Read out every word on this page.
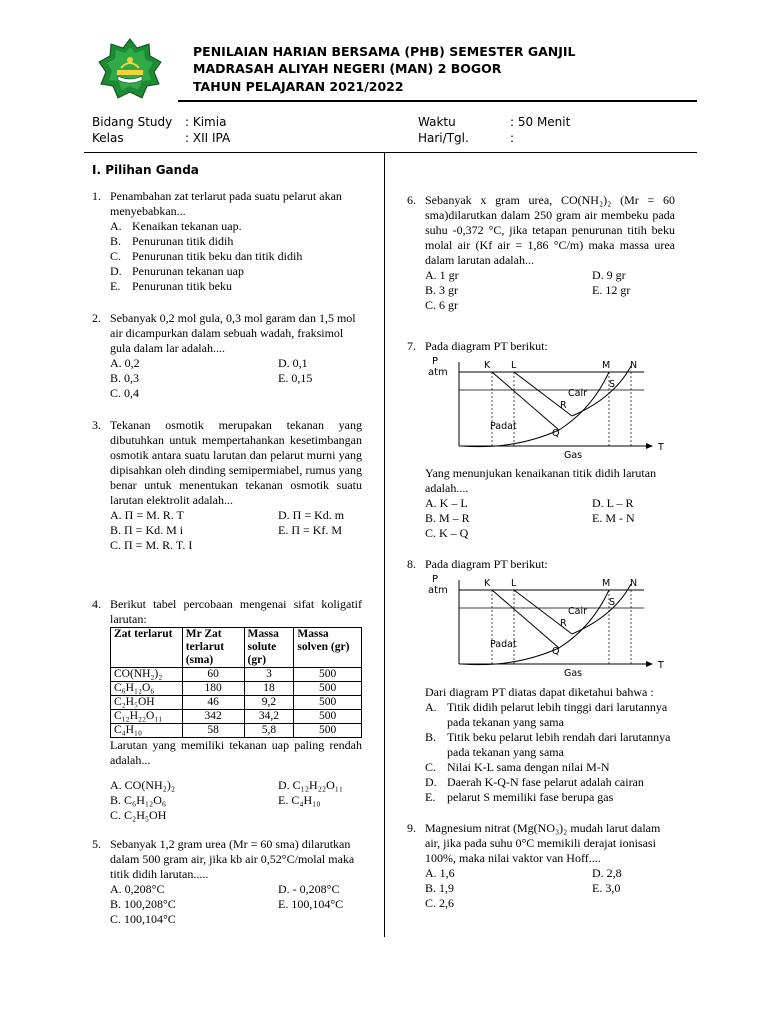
PENILAIAN HARIAN BERSAMA (PHB) SEMESTER GANJIL
MADRASAH ALIYAH NEGERI (MAN) 2 BOGOR
TAHUN PELAJARAN 2021/2022
Bidang Study : Kimia
Kelas	: XII IPA
Waktu	: 50 Menit
Hari/Tgl.	:
I. Pilihan Ganda
1. Penambahan zat terlarut pada suatu pelarut akan menyebabkan...
A. Kenaikan tekanan uap.
B. Penurunan titik didih
C. Penurunan titik beku dan titik didih
D. Penurunan tekanan uap
E. Penurunan titik beku
2. Sebanyak 0,2 mol gula, 0,3 mol garam dan 1,5 mol air dicampurkan dalam sebuah wadah, fraksimol gula dalam lar adalah....
A. 0,2	D. 0,1
B. 0,3	E. 0,15
C. 0,4
3. Tekanan osmotik merupakan tekanan yang dibutuhkan untuk mempertahankan kesetimbangan osmotik antara suatu larutan dan pelarut murni yang dipisahkan oleh dinding semipermiabel, rumus yang benar untuk menentukan tekanan osmotik suatu larutan elektrolit adalah...
A. Π = M. R. T	D. Π = Kd. m
B. Π = Kd. M i	E. Π = Kf. M
C. Π = M. R. T. I
4. Berikut tabel percobaan mengenai sifat koligatif larutan:
Zat terlarut	Mr Zat terlarut (sma)	Massa solute (gr)	Massa solven (gr)
CO(NH₂)₂	60	3	500
C₆H₁₂O₆	180	18	500
C₂H₅OH	46	9,2	500
C₁₂H₂₂O₁₁	342	34,2	500
C₄H₁₀	58	5,8	500
Larutan yang memiliki tekanan uap paling rendah adalah...
A. CO(NH₂)₂	D. C₁₂H₂₂O₁₁
B. C₆H₁₂O₆	E. C₄H₁₀
C. C₂H₅OH
5. Sebanyak 1,2 gram urea (Mr = 60 sma) dilarutkan dalam 500 gram air, jika kb air 0,52°C/molal maka titik didih larutan.....
A. 0,208°C	D. - 0,208°C
B. 100,208°C	E. 100,104°C
C. 100,104°C
6. Sebanyak x gram urea, CO(NH₂)₂ (Mr = 60 sma)dilarutkan dalam 250 gram air membeku pada suhu -0,372 °C, jika tetapan penurunan titih beku molal air (Kf air = 1,86 °C/m) maka massa urea dalam larutan adalah...
A. 1 gr	D. 9 gr
B. 3 gr	E. 12 gr
C. 6 gr
7. Pada diagram PT berikut:
P
atm
K L	M N
S
Cair
R
Padat
Q
Gas
T
Yang menunjukan kenaikanan titik didih larutan adalah....
A. K – L	D. L – R
B. M – R	E. M - N
C. K – Q
8. Pada diagram PT berikut:
P
atm
K L	M N
S
Cair
R
Padat
Q
Gas
T
Dari diagram PT diatas dapat diketahui bahwa :
A. Titik didih pelarut lebih tinggi dari larutannya pada tekanan yang sama
B. Titik beku pelarut lebih rendah dari larutannya pada tekanan yang sama
C. Nilai K-L sama dengan nilai M-N
D. Daerah K-Q-N fase pelarut adalah cairan
E. pelarut S memiliki fase berupa gas
9. Magnesium nitrat (Mg(NO₃)₂ mudah larut dalam air, jika pada suhu 0°C memikili derajat ionisasi 100%, maka nilai vaktor van Hoff....
A. 1,6	D. 2,8
B. 1,9	E. 3,0
C. 2,6
